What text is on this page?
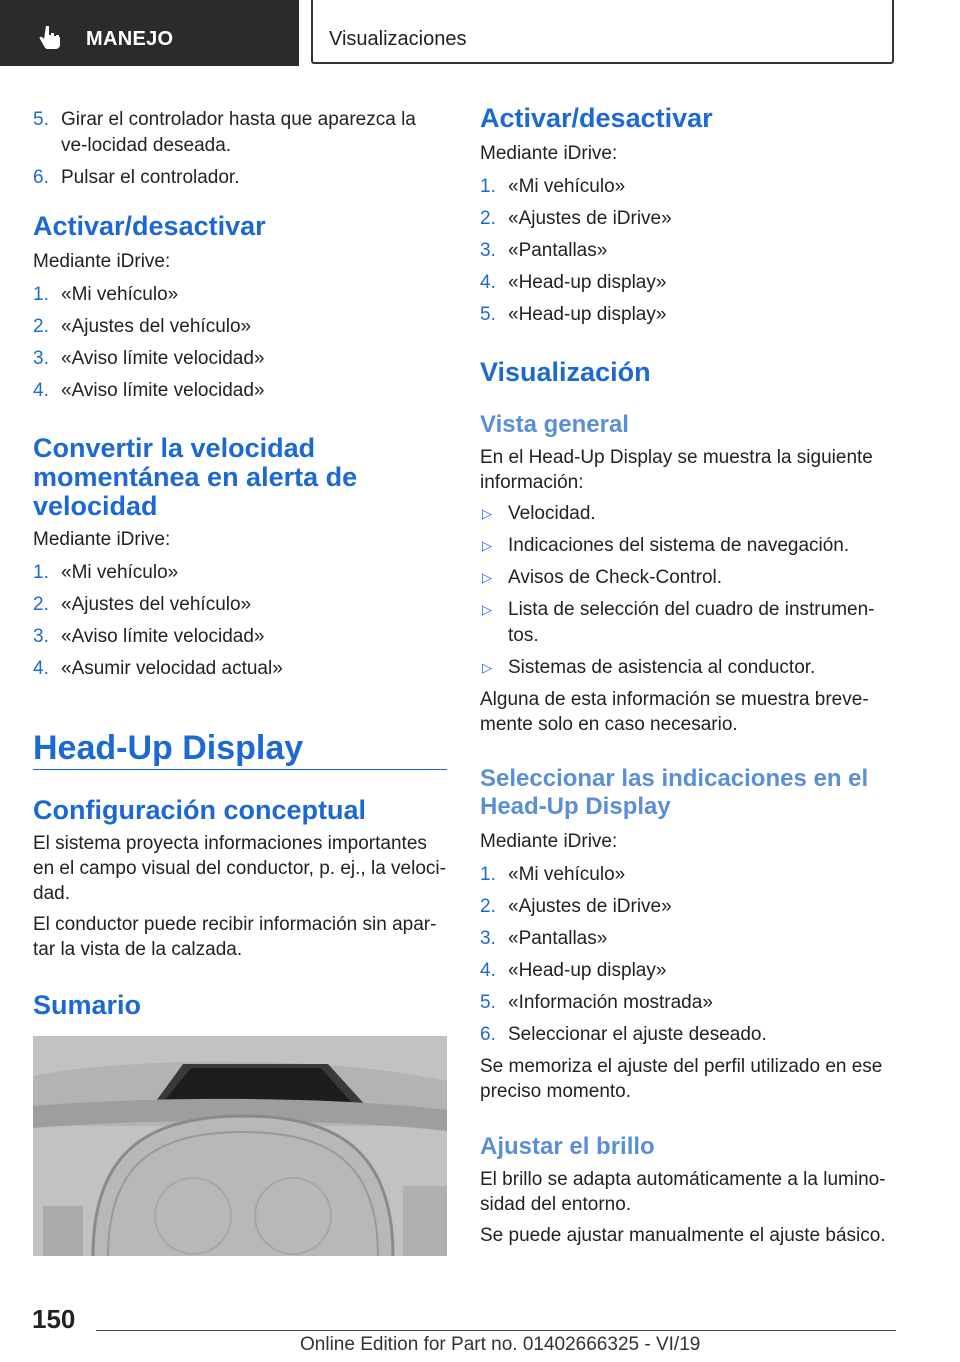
MANEJO	Visualizaciones
5. Girar el controlador hasta que aparezca la ve-locidad deseada.
6. Pulsar el controlador.
Activar/desactivar

Mediante iDrive:

1. «Mi vehículo»
2. «Ajustes del vehículo»
3. «Aviso límite velocidad»
4. «Aviso límite velocidad»
Convertir la velocidad momentánea en alerta de velocidad

Mediante iDrive:

1. «Mi vehículo»
2. «Ajustes del vehículo»
3. «Aviso límite velocidad»
4. «Asumir velocidad actual»
Head-Up Display
Configuración conceptual

El sistema proyecta informaciones importantes en el campo visual del conductor, p. ej., la veloci-dad.

El conductor puede recibir información sin apar-tar la vista de la calzada.

Sumario
Activar/desactivar

Mediante iDrive:

1. «Mi vehículo»
2. «Ajustes de iDrive»
3. «Pantallas»
4. «Head-up display»
5. «Head-up display»
Visualización
Vista general

En el Head-Up Display se muestra la siguiente información:

▷ Velocidad.
▷ Indicaciones del sistema de navegación.
▷ Avisos de Check-Control.
▷ Lista de selección del cuadro de instrumen-tos.
▷ Sistemas de asistencia al conductor.

Alguna de esta información se muestra breve-mente solo en caso necesario.

Seleccionar las indicaciones en el Head-Up Display

Mediante iDrive:

1. «Mi vehículo»
2. «Ajustes de iDrive»
3. «Pantallas»
4. «Head-up display»
5. «Información mostrada»
6. Seleccionar el ajuste deseado.

Se memoriza el ajuste del perfil utilizado en ese preciso momento.

Ajustar el brillo

El brillo se adapta automáticamente a la lumino-sidad del entorno.

Se puede ajustar manualmente el ajuste básico.

150
Online Edition for Part no. 01402666325 - VI/19
